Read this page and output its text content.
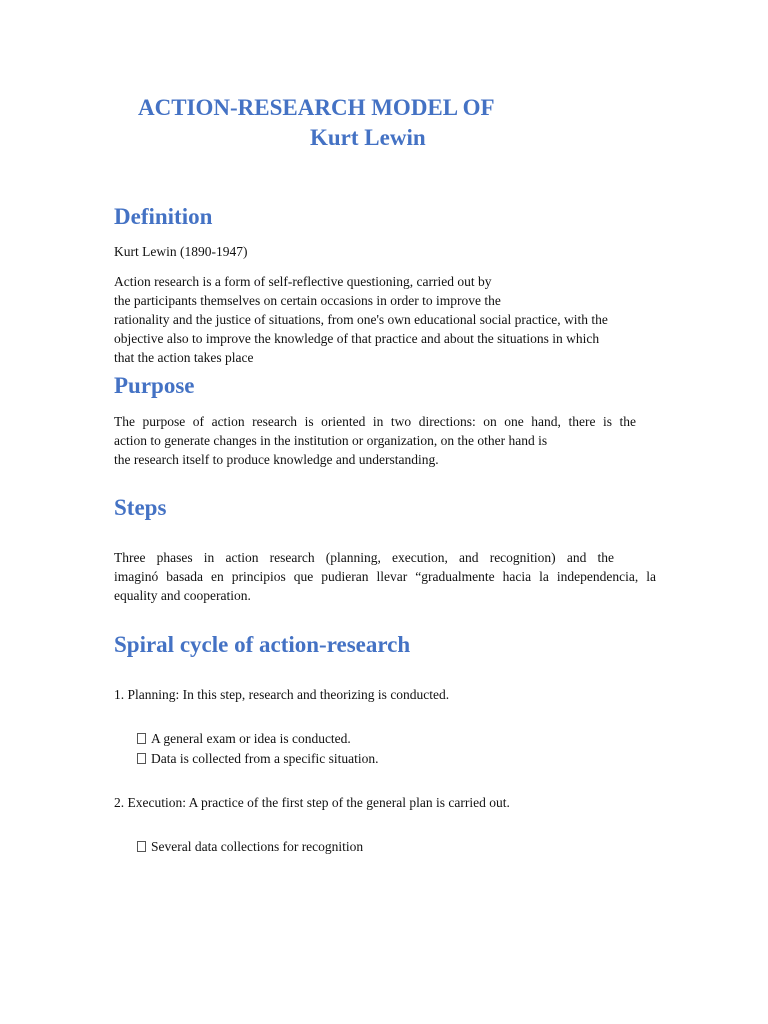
ACTION-RESEARCH MODEL OF
Kurt Lewin
Definition
Kurt Lewin (1890-1947)
Action research is a form of self-reflective questioning, carried out by
the participants themselves on certain occasions in order to improve the
rationality and the justice of situations, from one's own educational social practice, with the
objective also to improve the knowledge of that practice and about the situations in which
that the action takes place
Purpose
The purpose of action research is oriented in two directions: on one hand, there is the
action to generate changes in the institution or organization, on the other hand is
the research itself to produce knowledge and understanding.
Steps
Three phases in action research (planning, execution, and recognition) and the
imaginó basada en principios que pudieran llevar “gradualmente hacia la independencia, la
equality and cooperation.
Spiral cycle of action-research
1. Planning: In this step, research and theorizing is conducted.
A general exam or idea is conducted.
Data is collected from a specific situation.
2. Execution: A practice of the first step of the general plan is carried out.
Several data collections for recognition
